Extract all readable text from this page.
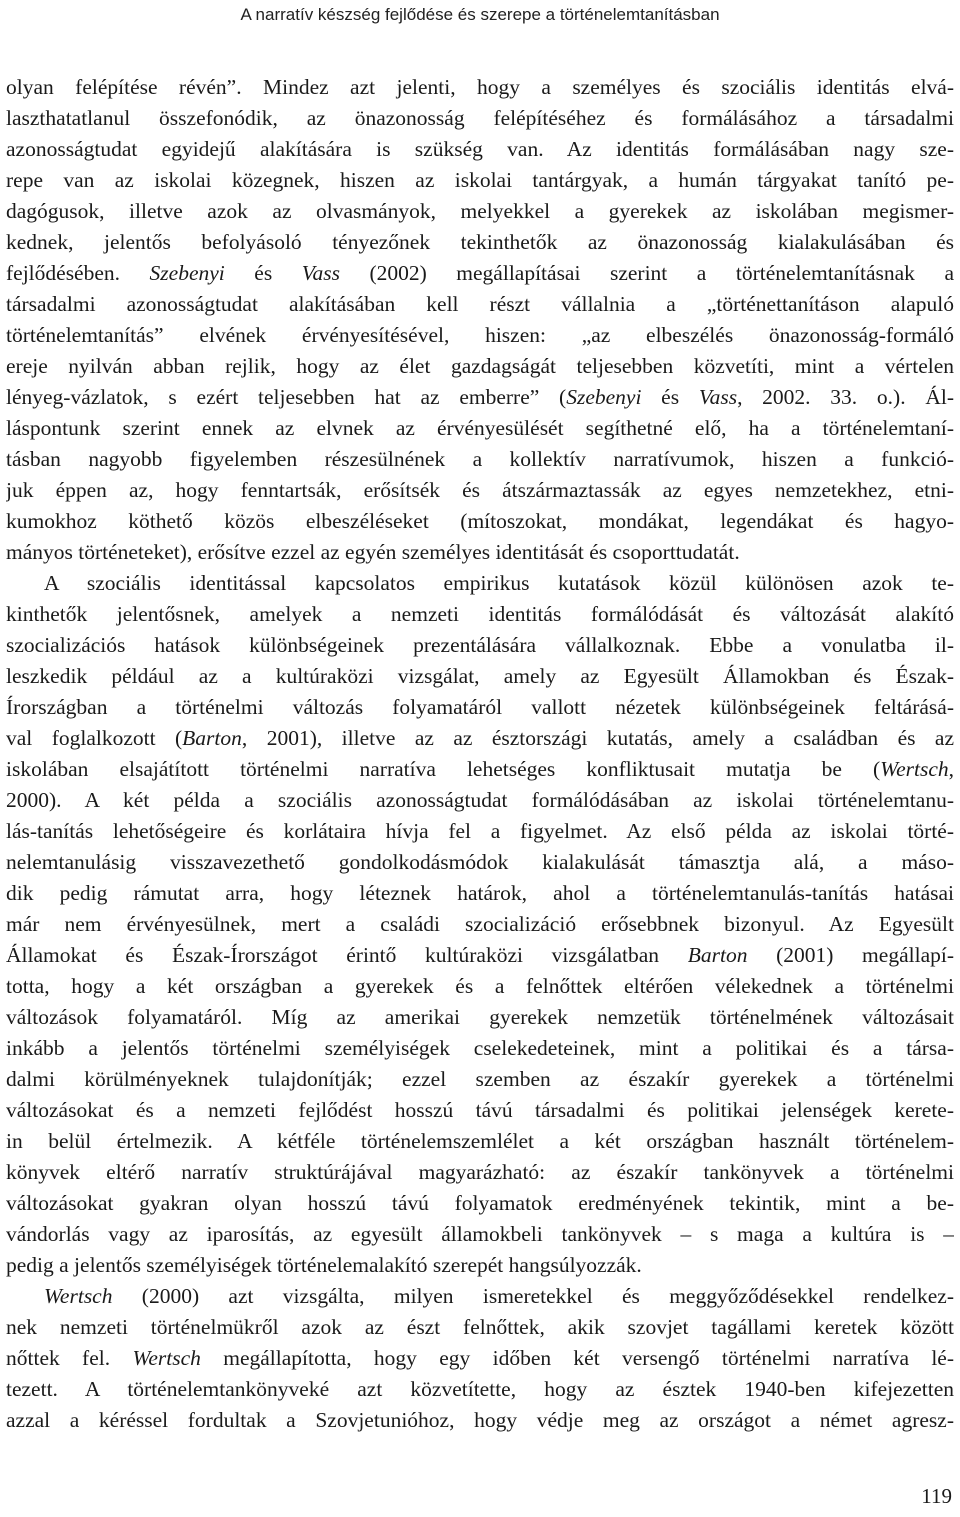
A narratív készség fejlődése és szerepe a történelemtanításban
olyan felépítése révén”. Mindez azt jelenti, hogy a személyes és szociális identitás elvá-
laszthatatlanul összefonódik, az önazonosság felépítéséhez és formálásához a társadalmi
azonosságtudat egyidejű alakítására is szükség van. Az identitás formálásában nagy sze-
repe van az iskolai közegnek, hiszen az iskolai tantárgyak, a humán tárgyakat tanító pe-
dagógusok, illetve azok az olvasmányok, melyekkel a gyerekek az iskolában megismer-
kednek, jelentős befolyásoló tényezőnek tekinthetők az önazonosság kialakulásában és
fejlődésében. Szebenyi és Vass (2002) megállapításai szerint a történelemtanításnak a
társadalmi azonosságtudat alakításában kell részt vállalnia a „történettanításon alapuló
történelemtanítás” elvének érvényesítésével, hiszen: „az elbeszélés önazonosság-formáló
ereje nyilván abban rejlik, hogy az élet gazdagságát teljesebben közvetíti, mint a vértelen
lényeg-vázlatok, s ezért teljesebben hat az emberre” (Szebenyi és Vass, 2002. 33. o.). Ál-
láspontunk szerint ennek az elvnek az érvényesülését segíthetné elő, ha a történelemtaní-
tásban nagyobb figyelemben részesülnének a kollektív narratívumok, hiszen a funkció-
juk éppen az, hogy fenntartsák, erősítsék és átszármaztassák az egyes nemzetekhez, etni-
kumokhoz köthető közös elbeszéléseket (mítoszokat, mondákat, legendákat és hagyo-
mányos történeteket), erősítve ezzel az egyén személyes identitását és csoporttudatát.
A szociális identitással kapcsolatos empirikus kutatások közül különösen azok te-
kinthetők jelentősnek, amelyek a nemzeti identitás formálódását és változását alakító
szocializációs hatások különbségeinek prezentálására vállalkoznak. Ebbe a vonulatba il-
leszkedik például az a kultúraközi vizsgálat, amely az Egyesült Államokban és Észak-
Írországban a történelmi változás folyamatáról vallott nézetek különbségeinek feltárásá-
val foglalkozott (Barton, 2001), illetve az az észtországi kutatás, amely a családban és az
iskolában elsajátított történelmi narratíva lehetséges konfliktusait mutatja be (Wertsch,
2000). A két példa a szociális azonosságtudat formálódásában az iskolai történelemtanu-
lás-tanítás lehetőségeire és korlátaira hívja fel a figyelmet. Az első példa az iskolai törté-
nelemtanulásig visszavezethető gondolkodásmódok kialakulását támasztja alá, a máso-
dik pedig rámutat arra, hogy léteznek határok, ahol a történelemtanulás-tanítás hatásai
már nem érvényesülnek, mert a családi szocializáció erősebbnek bizonyul. Az Egyesült
Államokat és Észak-Írországot érintő kultúraközi vizsgálatban Barton (2001) megállapí-
totta, hogy a két országban a gyerekek és a felnőttek eltérően vélekednek a történelmi
változások folyamatáról. Míg az amerikai gyerekek nemzetük történelmének változásait
inkább a jelentős történelmi személyiségek cselekedeteinek, mint a politikai és a társa-
dalmi körülményeknek tulajdonítják; ezzel szemben az északír gyerekek a történelmi
változásokat és a nemzeti fejlődést hosszú távú társadalmi és politikai jelenségek kerete-
in belül értelmezik. A kétféle történelemszemlélet a két országban használt történelem-
könyvek eltérő narratív struktúrájával magyarázható: az északír tankönyvek a történelmi
változásokat gyakran olyan hosszú távú folyamatok eredményének tekintik, mint a be-
vándorlás vagy az iparosítás, az egyesült államokbeli tankönyvek – s maga a kultúra is –
pedig a jelentős személyiségek történelemalakító szerepét hangsúlyozzák.
Wertsch (2000) azt vizsgálta, milyen ismeretekkel és meggyőződésekkel rendelkez-
nek nemzeti történelmükről azok az észt felnőttek, akik szovjet tagállami keretek között
nőttek fel. Wertsch megállapította, hogy egy időben két versengő történelmi narratíva lé-
tezett. A történelemtankönyveké azt közvetítette, hogy az észtek 1940-ben kifejezetten
azzal a kéréssel fordultak a Szovjetunióhoz, hogy védje meg az országot a német agresz-
119
